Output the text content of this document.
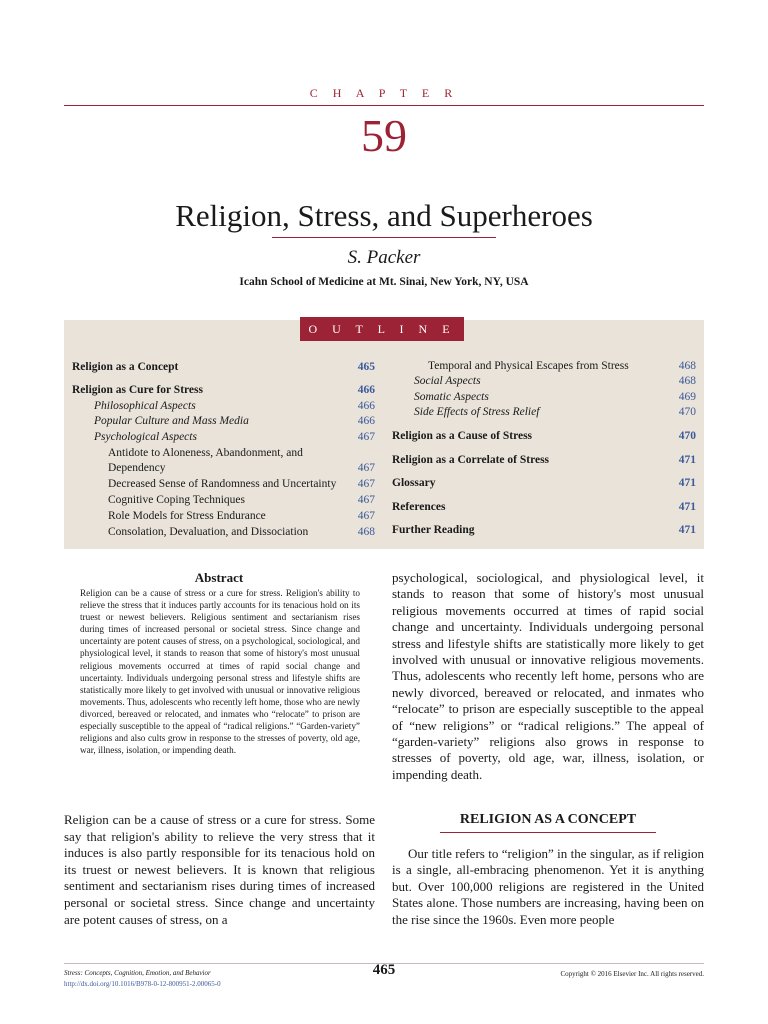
C H A P T E R
59
Religion, Stress, and Superheroes
S. Packer
Icahn School of Medicine at Mt. Sinai, New York, NY, USA
O U T L I N E
Religion as a Concept	465
Religion as Cure for Stress	466
Philosophical Aspects	466
Popular Culture and Mass Media	466
Psychological Aspects	467
Antidote to Aloneness, Abandonment, and
Dependency	467
Decreased Sense of Randomness and Uncertainty	467
Cognitive Coping Techniques	467
Role Models for Stress Endurance	467
Consolation, Devaluation, and Dissociation	468
Temporal and Physical Escapes from Stress	468
Social Aspects	468
Somatic Aspects	469
Side Effects of Stress Relief	470
Religion as a Cause of Stress	470
Religion as a Correlate of Stress	471
Glossary	471
References	471
Further Reading	471
Abstract
Religion can be a cause of stress or a cure for stress. Religion's ability to relieve the stress that it induces partly accounts for its tenacious hold on its truest or newest believers. Religious sentiment and sectarianism rises during times of increased personal or societal stress. Since change and uncertainty are potent causes of stress, on a psychological, sociological, and physiological level, it stands to reason that some of history's most unusual religious movements occurred at times of rapid social change and uncertainty. Individuals undergoing personal stress and lifestyle shifts are statistically more likely to get involved with unusual or innovative religious movements. Thus, adolescents who recently left home, those who are newly divorced, bereaved or relocated, and inmates who “relocate” to prison are especially susceptible to the appeal of “radical religions.” “Garden-variety” religions and also cults grow in response to the stresses of poverty, old age, war, illness, isolation, or impending death.
Religion can be a cause of stress or a cure for stress. Some say that religion's ability to relieve the very stress that it induces is also partly responsible for its tenacious hold on its truest or newest believers. It is known that religious sentiment and sectarianism rises during times of increased personal or societal stress. Since change and uncertainty are potent causes of stress, on a
psychological, sociological, and physiological level, it stands to reason that some of history's most unusual religious movements occurred at times of rapid social change and uncertainty. Individuals undergoing personal stress and lifestyle shifts are statistically more likely to get involved with unusual or innovative religious movements. Thus, adolescents who recently left home, persons who are newly divorced, bereaved or relocated, and inmates who “relocate” to prison are especially susceptible to the appeal of “new religions” or “radical religions.” The appeal of “garden-variety” religions also grows in response to stresses of poverty, old age, war, illness, isolation, or impending death.
RELIGION AS A CONCEPT
Our title refers to “religion” in the singular, as if religion is a single, all-embracing phenomenon. Yet it is anything but. Over 100,000 religions are registered in the United States alone. Those numbers are increasing, having been on the rise since the 1960s. Even more people
Stress: Concepts, Cognition, Emotion, and Behavior
http://dx.doi.org/10.1016/B978-0-12-800951-2.00065-0
465	Copyright © 2016 Elsevier Inc. All rights reserved.
